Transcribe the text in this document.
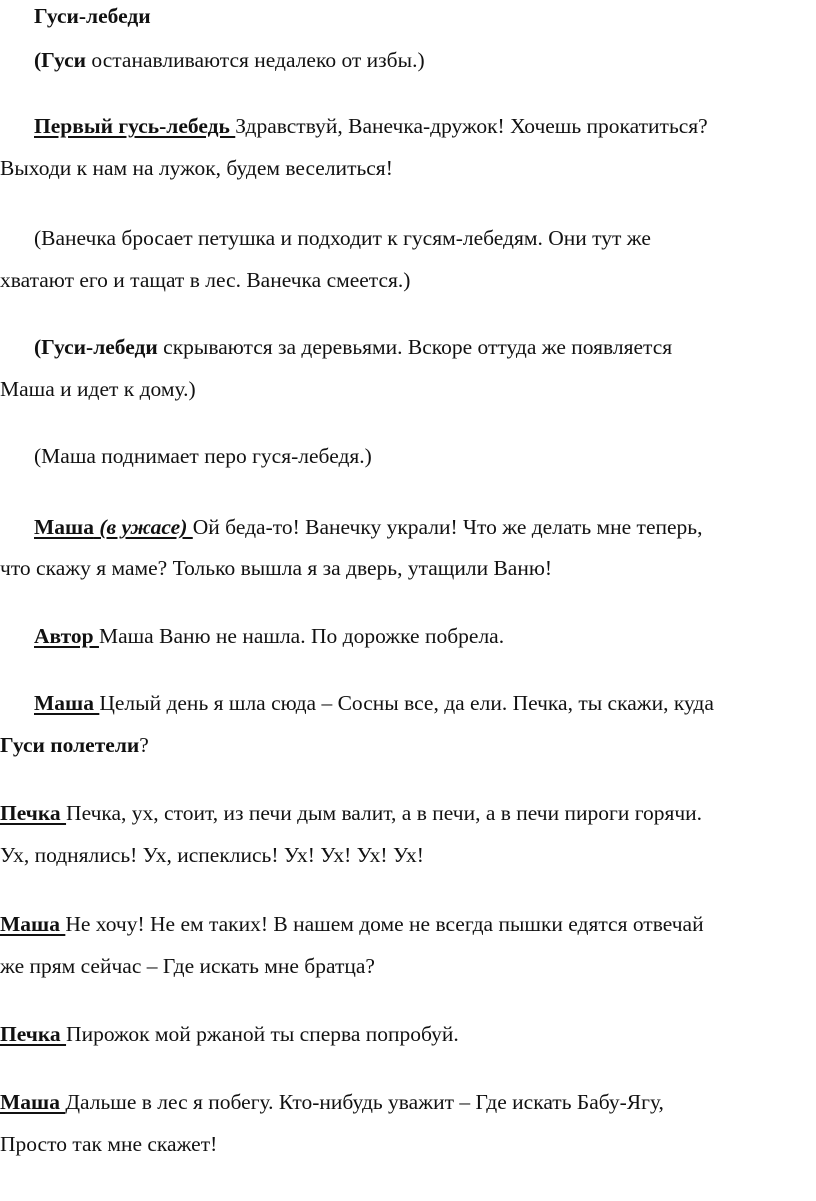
Гуси-лебеди
(Гуси останавливаются недалеко от избы.)
Первый гусь-лебедь Здравствуй, Ванечка-дружок! Хочешь прокатиться?
Выходи к нам на лужок, будем веселиться!
(Ванечка бросает петушка и подходит к гусям-лебедям. Они тут же
хватают его и тащат в лес. Ванечка смеется.)
(Гуси-лебеди скрываются за деревьями. Вскоре оттуда же появляется
Маша и идет к дому.)
(Маша поднимает перо гуся-лебедя.)
Маша (в ужасе) Ой беда-то! Ванечку украли! Что же делать мне теперь,
что скажу я маме? Только вышла я за дверь, утащили Ваню!
Автор Маша Ваню не нашла. По дорожке побрела.
Маша Целый день я шла сюда – Сосны все, да ели. Печка, ты скажи, куда
Гуси полетели?
Печка Печка, ух, стоит, из печи дым валит, а в печи, а в печи пироги горячи.
Ух, поднялись! Ух, испеклись! Ух! Ух! Ух! Ух!
Маша Не хочу! Не ем таких! В нашем доме не всегда пышки едятся отвечай
же прям сейчас – Где искать мне братца?
Печка Пирожок мой ржаной ты сперва попробуй.
Маша Дальше в лес я побегу. Кто-нибудь уважит – Где искать Бабу-Ягу,
Просто так мне скажет!
